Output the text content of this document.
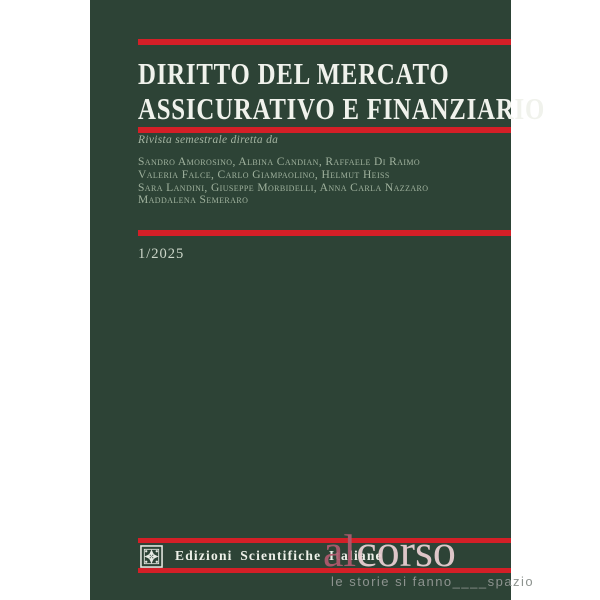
DIRITTO DEL MERCATO
ASSICURATIVO E FINANZIARIO
Rivista semestrale diretta da
Sandro Amorosino, Albina Candian, Raffaele Di Raimo
Valeria Falce, Carlo Giampaolino, Helmut Heiss
Sara Landini, Giuseppe Morbidelli, Anna Carla Nazzaro
Maddalena Semeraro
1/2025
Edizioni Scientifiche Italiane
alcorso
le storie si fanno____spazio
